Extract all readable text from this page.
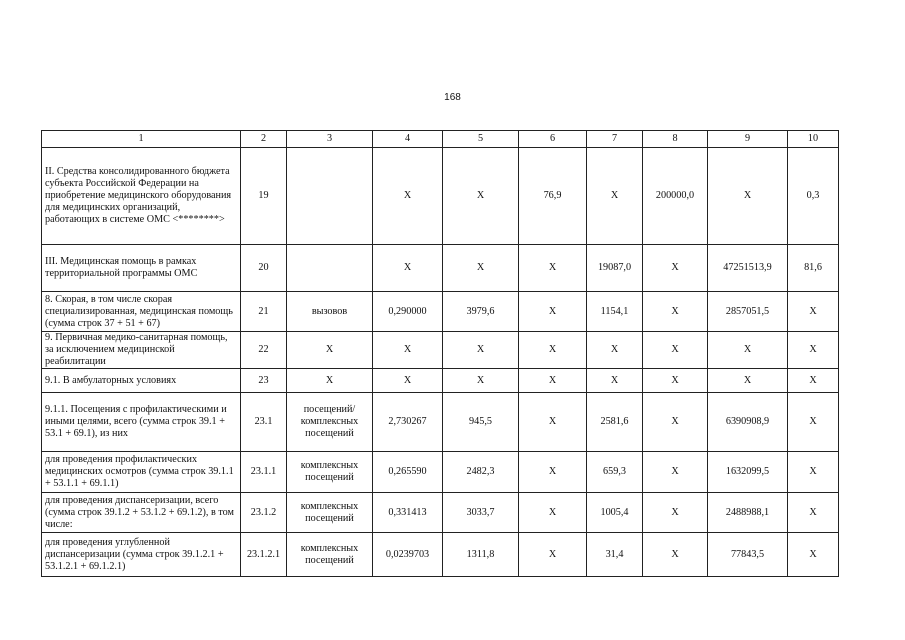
168
1	2	3	4	5	6	7	8	9	10
II. Средства консолидированного бюджета субъекта Российской Федерации на приобретение медицинского оборудования для медицинских организаций, работающих в системе ОМС <********>	19		Х	Х	76,9	Х	200000,0	Х	0,3
III. Медицинская помощь в рамках территориальной программы ОМС	20		Х	Х	Х	19087,0	Х	47251513,9	81,6
8. Скорая, в том числе скорая специализированная, медицинская помощь (сумма строк 37 + 51 + 67)	21	вызовов	0,290000	3979,6	Х	1154,1	Х	2857051,5	Х
9. Первичная медико-санитарная помощь, за исключением медицинской реабилитации	22	Х	Х	Х	Х	Х	Х	Х	Х
9.1. В амбулаторных условиях	23	Х	Х	Х	Х	Х	Х	Х	Х
9.1.1. Посещения с профилактическими и иными целями, всего (сумма строк 39.1 + 53.1 + 69.1), из них	23.1	посещений/ комплексных посещений	2,730267	945,5	Х	2581,6	Х	6390908,9	Х
для проведения профилактических медицинских осмотров (сумма строк 39.1.1 + 53.1.1 + 69.1.1)	23.1.1	комплексных посещений	0,265590	2482,3	Х	659,3	Х	1632099,5	Х
для проведения диспансеризации, всего (сумма строк 39.1.2 + 53.1.2 + 69.1.2), в том числе:	23.1.2	комплексных посещений	0,331413	3033,7	Х	1005,4	Х	2488988,1	Х
для проведения углубленной диспансеризации (сумма строк 39.1.2.1 + 53.1.2.1 + 69.1.2.1)	23.1.2.1	комплексных посещений	0,0239703	1311,8	Х	31,4	Х	77843,5	Х
